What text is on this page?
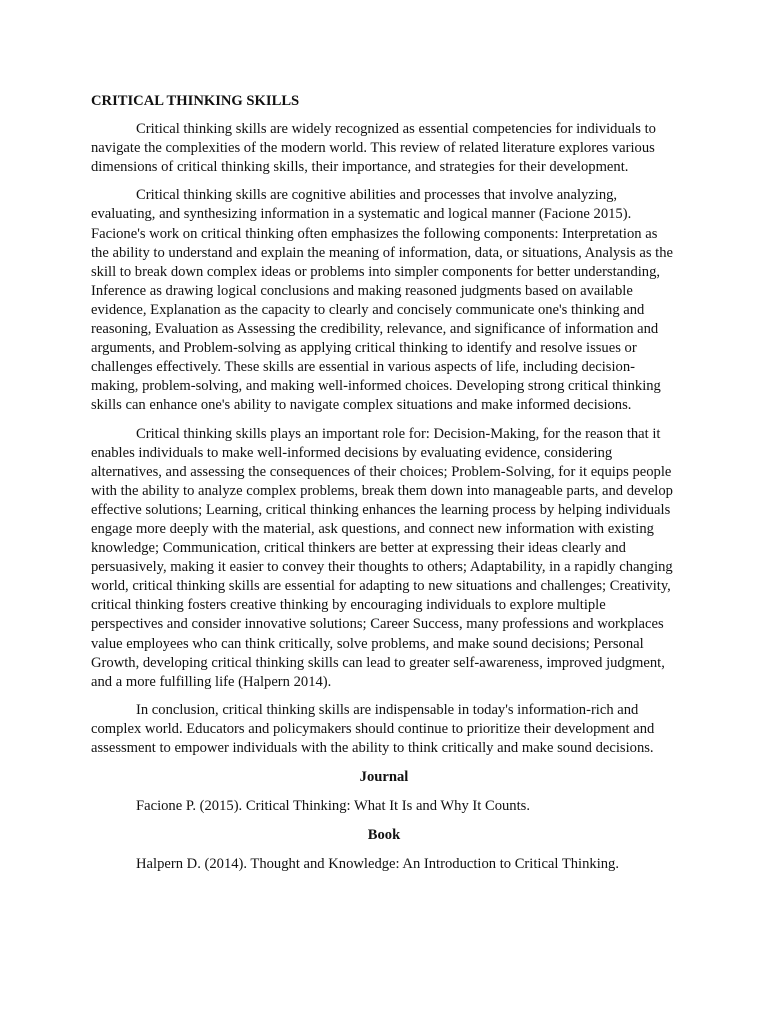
CRITICAL THINKING SKILLS

Critical thinking skills are widely recognized as essential competencies for individuals to navigate the complexities of the modern world. This review of related literature explores various dimensions of critical thinking skills, their importance, and strategies for their development.

Critical thinking skills are cognitive abilities and processes that involve analyzing, evaluating, and synthesizing information in a systematic and logical manner (Facione 2015). Facione's work on critical thinking often emphasizes the following components: Interpretation as the ability to understand and explain the meaning of information, data, or situations, Analysis as the skill to break down complex ideas or problems into simpler components for better understanding, Inference as drawing logical conclusions and making reasoned judgments based on available evidence, Explanation as the capacity to clearly and concisely communicate one's thinking and reasoning, Evaluation as Assessing the credibility, relevance, and significance of information and arguments, and Problem-solving as applying critical thinking to identify and resolve issues or challenges effectively. These skills are essential in various aspects of life, including decision-making, problem-solving, and making well-informed choices. Developing strong critical thinking skills can enhance one's ability to navigate complex situations and make informed decisions.

Critical thinking skills plays an important role for: Decision-Making, for the reason that it enables individuals to make well-informed decisions by evaluating evidence, considering alternatives, and assessing the consequences of their choices; Problem-Solving, for it equips people with the ability to analyze complex problems, break them down into manageable parts, and develop effective solutions; Learning, critical thinking enhances the learning process by helping individuals engage more deeply with the material, ask questions, and connect new information with existing knowledge; Communication, critical thinkers are better at expressing their ideas clearly and persuasively, making it easier to convey their thoughts to others; Adaptability, in a rapidly changing world, critical thinking skills are essential for adapting to new situations and challenges; Creativity, critical thinking fosters creative thinking by encouraging individuals to explore multiple perspectives and consider innovative solutions; Career Success, many professions and workplaces value employees who can think critically, solve problems, and make sound decisions; Personal Growth, developing critical thinking skills can lead to greater self-awareness, improved judgment, and a more fulfilling life (Halpern 2014).

In conclusion, critical thinking skills are indispensable in today's information-rich and complex world. Educators and policymakers should continue to prioritize their development and assessment to empower individuals with the ability to think critically and make sound decisions.

Journal
Facione P. (2015). Critical Thinking: What It Is and Why It Counts.
Book
Halpern D. (2014). Thought and Knowledge: An Introduction to Critical Thinking.
